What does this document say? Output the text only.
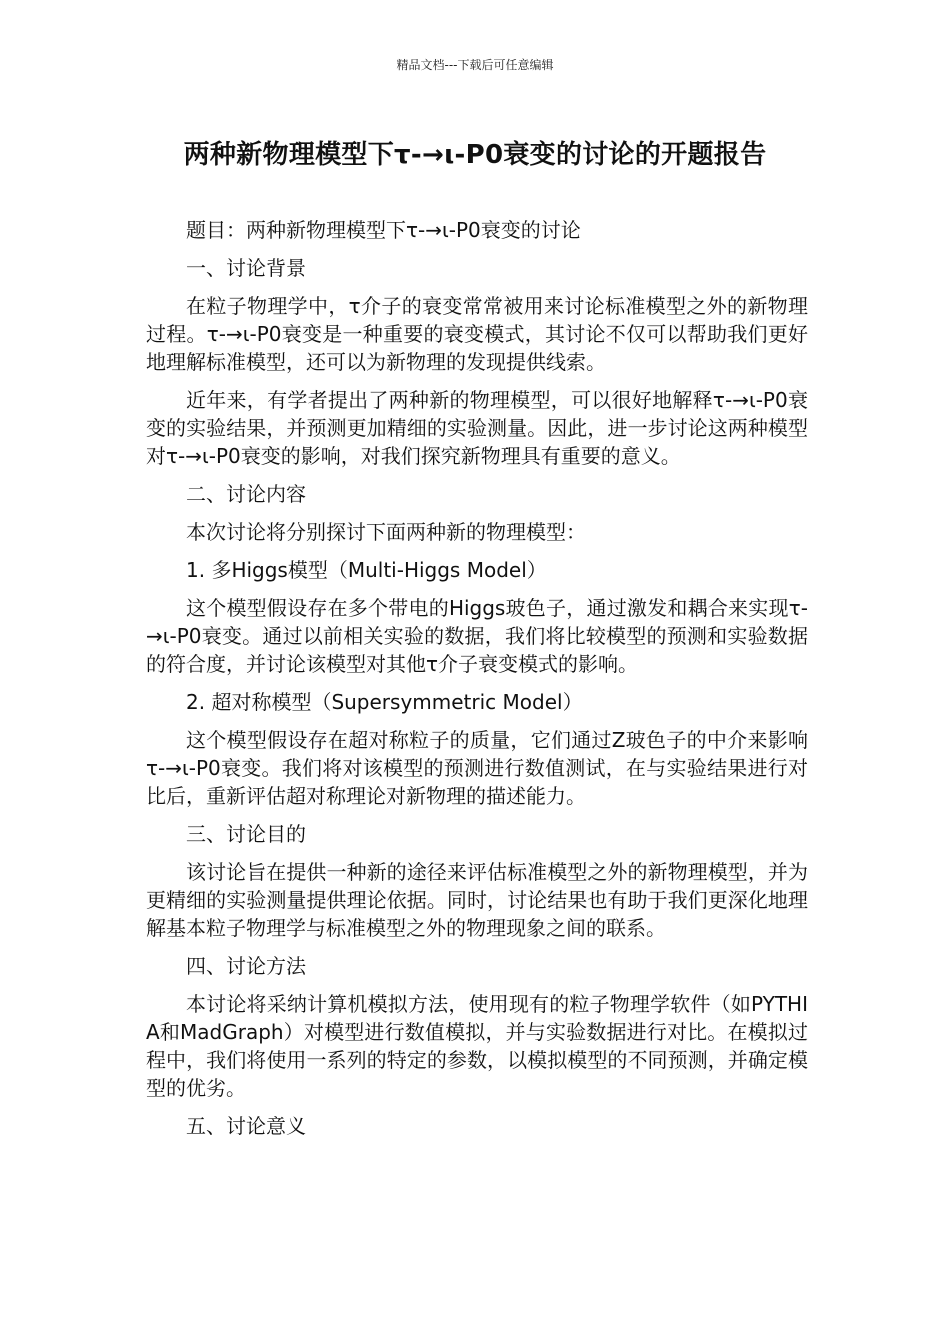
精品文档---下载后可任意编辑
两种新物理模型下τ-→ι-P0衰变的讨论的开题报告

题目：两种新物理模型下τ-→ι-P0衰变的讨论

一、讨论背景

在粒子物理学中，τ介子的衰变常常被用来讨论标准模型之外的新物理过程。τ-→ι-P0衰变是一种重要的衰变模式，其讨论不仅可以帮助我们更好地理解标准模型，还可以为新物理的发现提供线索。

近年来，有学者提出了两种新的物理模型，可以很好地解释τ-→ι-P0衰变的实验结果，并预测更加精细的实验测量。因此，进一步讨论这两种模型对τ-→ι-P0衰变的影响，对我们探究新物理具有重要的意义。

二、讨论内容

本次讨论将分别探讨下面两种新的物理模型：

1. 多Higgs模型（Multi-Higgs Model）

这个模型假设存在多个带电的Higgs玻色子，通过激发和耦合来实现τ-→ι-P0衰变。通过以前相关实验的数据，我们将比较模型的预测和实验数据的符合度，并讨论该模型对其他τ介子衰变模式的影响。

2. 超对称模型（Supersymmetric Model）

这个模型假设存在超对称粒子的质量，它们通过Z玻色子的中介来影响τ-→ι-P0衰变。我们将对该模型的预测进行数值测试，在与实验结果进行对比后，重新评估超对称理论对新物理的描述能力。

三、讨论目的

该讨论旨在提供一种新的途径来评估标准模型之外的新物理模型，并为更精细的实验测量提供理论依据。同时，讨论结果也有助于我们更深化地理解基本粒子物理学与标准模型之外的物理现象之间的联系。

四、讨论方法

本讨论将采纳计算机模拟方法，使用现有的粒子物理学软件（如PYTHIA和MadGraph）对模型进行数值模拟，并与实验数据进行对比。在模拟过程中，我们将使用一系列的特定的参数，以模拟模型的不同预测，并确定模型的优劣。

五、讨论意义
